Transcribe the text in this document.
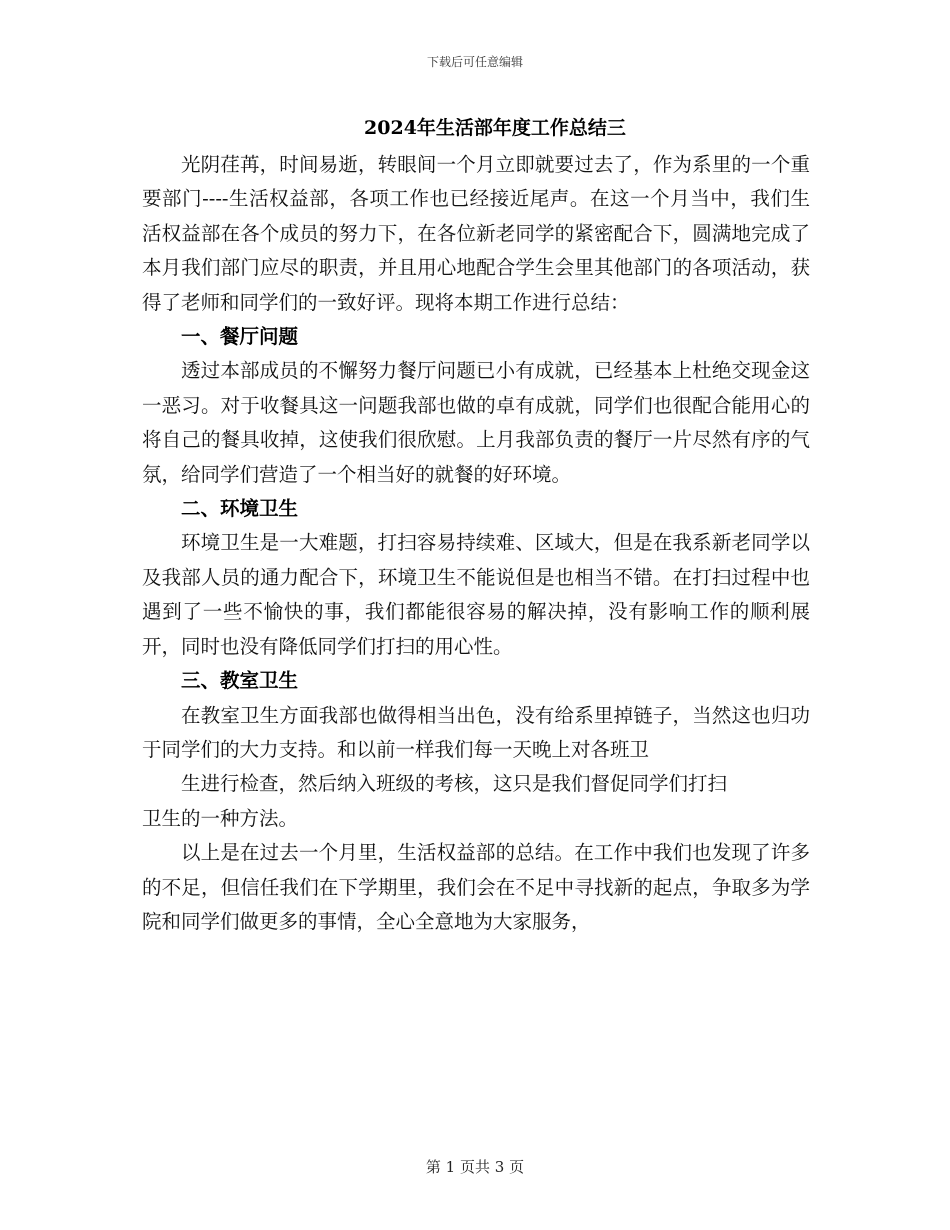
下载后可任意编辑
2024年生活部年度工作总结三

光阴荏苒，时间易逝，转眼间一个月立即就要过去了，作为系里的一个重要部门----生活权益部，各项工作也已经接近尾声。在这一个月当中，我们生活权益部在各个成员的努力下，在各位新老同学的紧密配合下，圆满地完成了本月我们部门应尽的职责，并且用心地配合学生会里其他部门的各项活动，获得了老师和同学们的一致好评。现将本期工作进行总结：

一、餐厅问题

透过本部成员的不懈努力餐厅问题已小有成就，已经基本上杜绝交现金这一恶习。对于收餐具这一问题我部也做的卓有成就，同学们也很配合能用心的将自己的餐具收掉，这使我们很欣慰。上月我部负责的餐厅一片尽然有序的气氛，给同学们营造了一个相当好的就餐的好环境。

二、环境卫生

环境卫生是一大难题，打扫容易持续难、区域大，但是在我系新老同学以及我部人员的通力配合下，环境卫生不能说但是也相当不错。在打扫过程中也遇到了一些不愉快的事，我们都能很容易的解决掉，没有影响工作的顺利展开，同时也没有降低同学们打扫的用心性。

三、教室卫生

在教室卫生方面我部也做得相当出色，没有给系里掉链子，当然这也归功于同学们的大力支持。和以前一样我们每一天晚上对各班卫

生进行检查，然后纳入班级的考核，这只是我们督促同学们打扫

卫生的一种方法。

以上是在过去一个月里，生活权益部的总结。在工作中我们也发现了许多的不足，但信任我们在下学期里，我们会在不足中寻找新的起点，争取多为学院和同学们做更多的事情，全心全意地为大家服务，

第 1 页共 3 页
